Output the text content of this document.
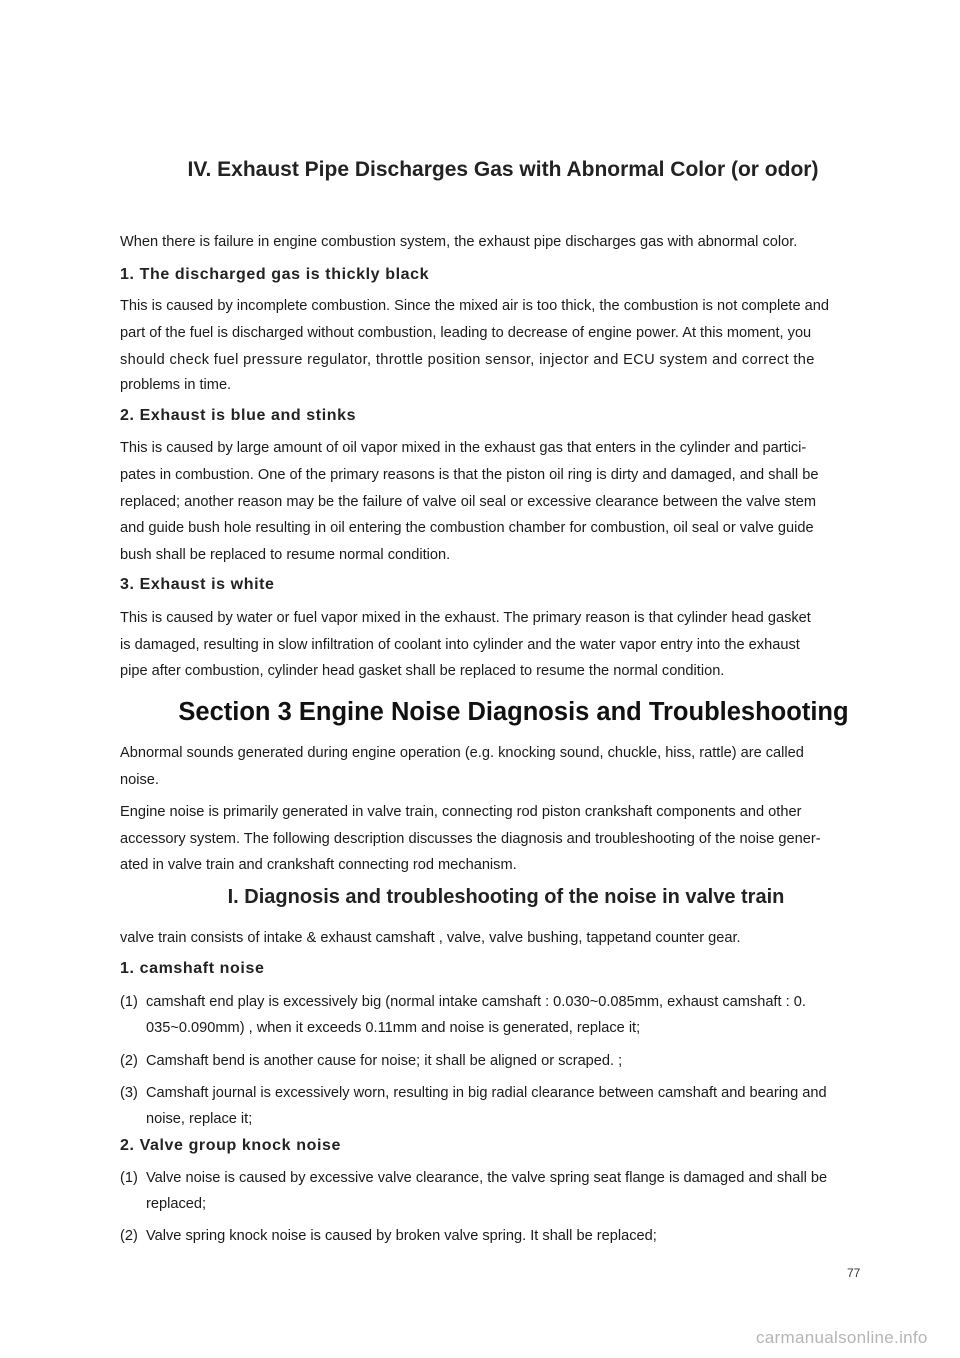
IV. Exhaust Pipe Discharges Gas with Abnormal Color (or odor)

When there is failure in engine combustion system, the exhaust pipe discharges gas with abnormal color.

1. The discharged gas is thickly black

This is caused by incomplete combustion. Since the mixed air is too thick, the combustion is not complete and

part of the fuel is discharged without combustion, leading to decrease of engine power. At this moment, you

should check fuel pressure regulator, throttle position sensor, injector and ECU system and correct the

problems in time.

2. Exhaust is blue and stinks

This is caused by large amount of oil vapor mixed in the exhaust gas that enters in the cylinder and partici-

pates in combustion. One of the primary reasons is that the piston oil ring is dirty and damaged, and shall be

replaced; another reason may be the failure of valve oil seal or excessive clearance between the valve stem

and guide bush hole resulting in oil entering the combustion chamber for combustion, oil seal or valve guide

bush shall be replaced to resume normal condition.

3. Exhaust is white

This is caused by water or fuel vapor mixed in the exhaust. The primary reason is that cylinder head gasket

is damaged, resulting in slow infiltration of coolant into cylinder and the water vapor entry into the exhaust

pipe after combustion, cylinder head gasket shall be replaced to resume the normal condition.

Section 3 Engine Noise Diagnosis and Troubleshooting

Abnormal sounds generated during engine operation (e.g. knocking sound, chuckle, hiss, rattle) are called

noise.

Engine noise is primarily generated in valve train, connecting rod piston crankshaft components and other

accessory system. The following description discusses the diagnosis and troubleshooting of the noise gener-

ated in valve train and crankshaft connecting rod mechanism.

I. Diagnosis and troubleshooting of the noise in valve train

valve train consists of intake & exhaust camshaft , valve, valve bushing, tappetand counter gear.

1. camshaft noise
(1) camshaft end play is excessively big (normal intake camshaft : 0.030~0.085mm, exhaust camshaft : 0.

035~0.090mm) , when it exceeds 0.11mm and noise is generated, replace it;

(2) Camshaft bend is another cause for noise; it shall be aligned or scraped. ;

(3) Camshaft journal is excessively worn, resulting in big radial clearance between camshaft and bearing and

noise, replace it;

2. Valve group knock noise
(1) Valve noise is caused by excessive valve clearance, the valve spring seat flange is damaged and shall be

replaced;

(2) Valve spring knock noise is caused by broken valve spring. It shall be replaced;

77
carmanualsonline.info
